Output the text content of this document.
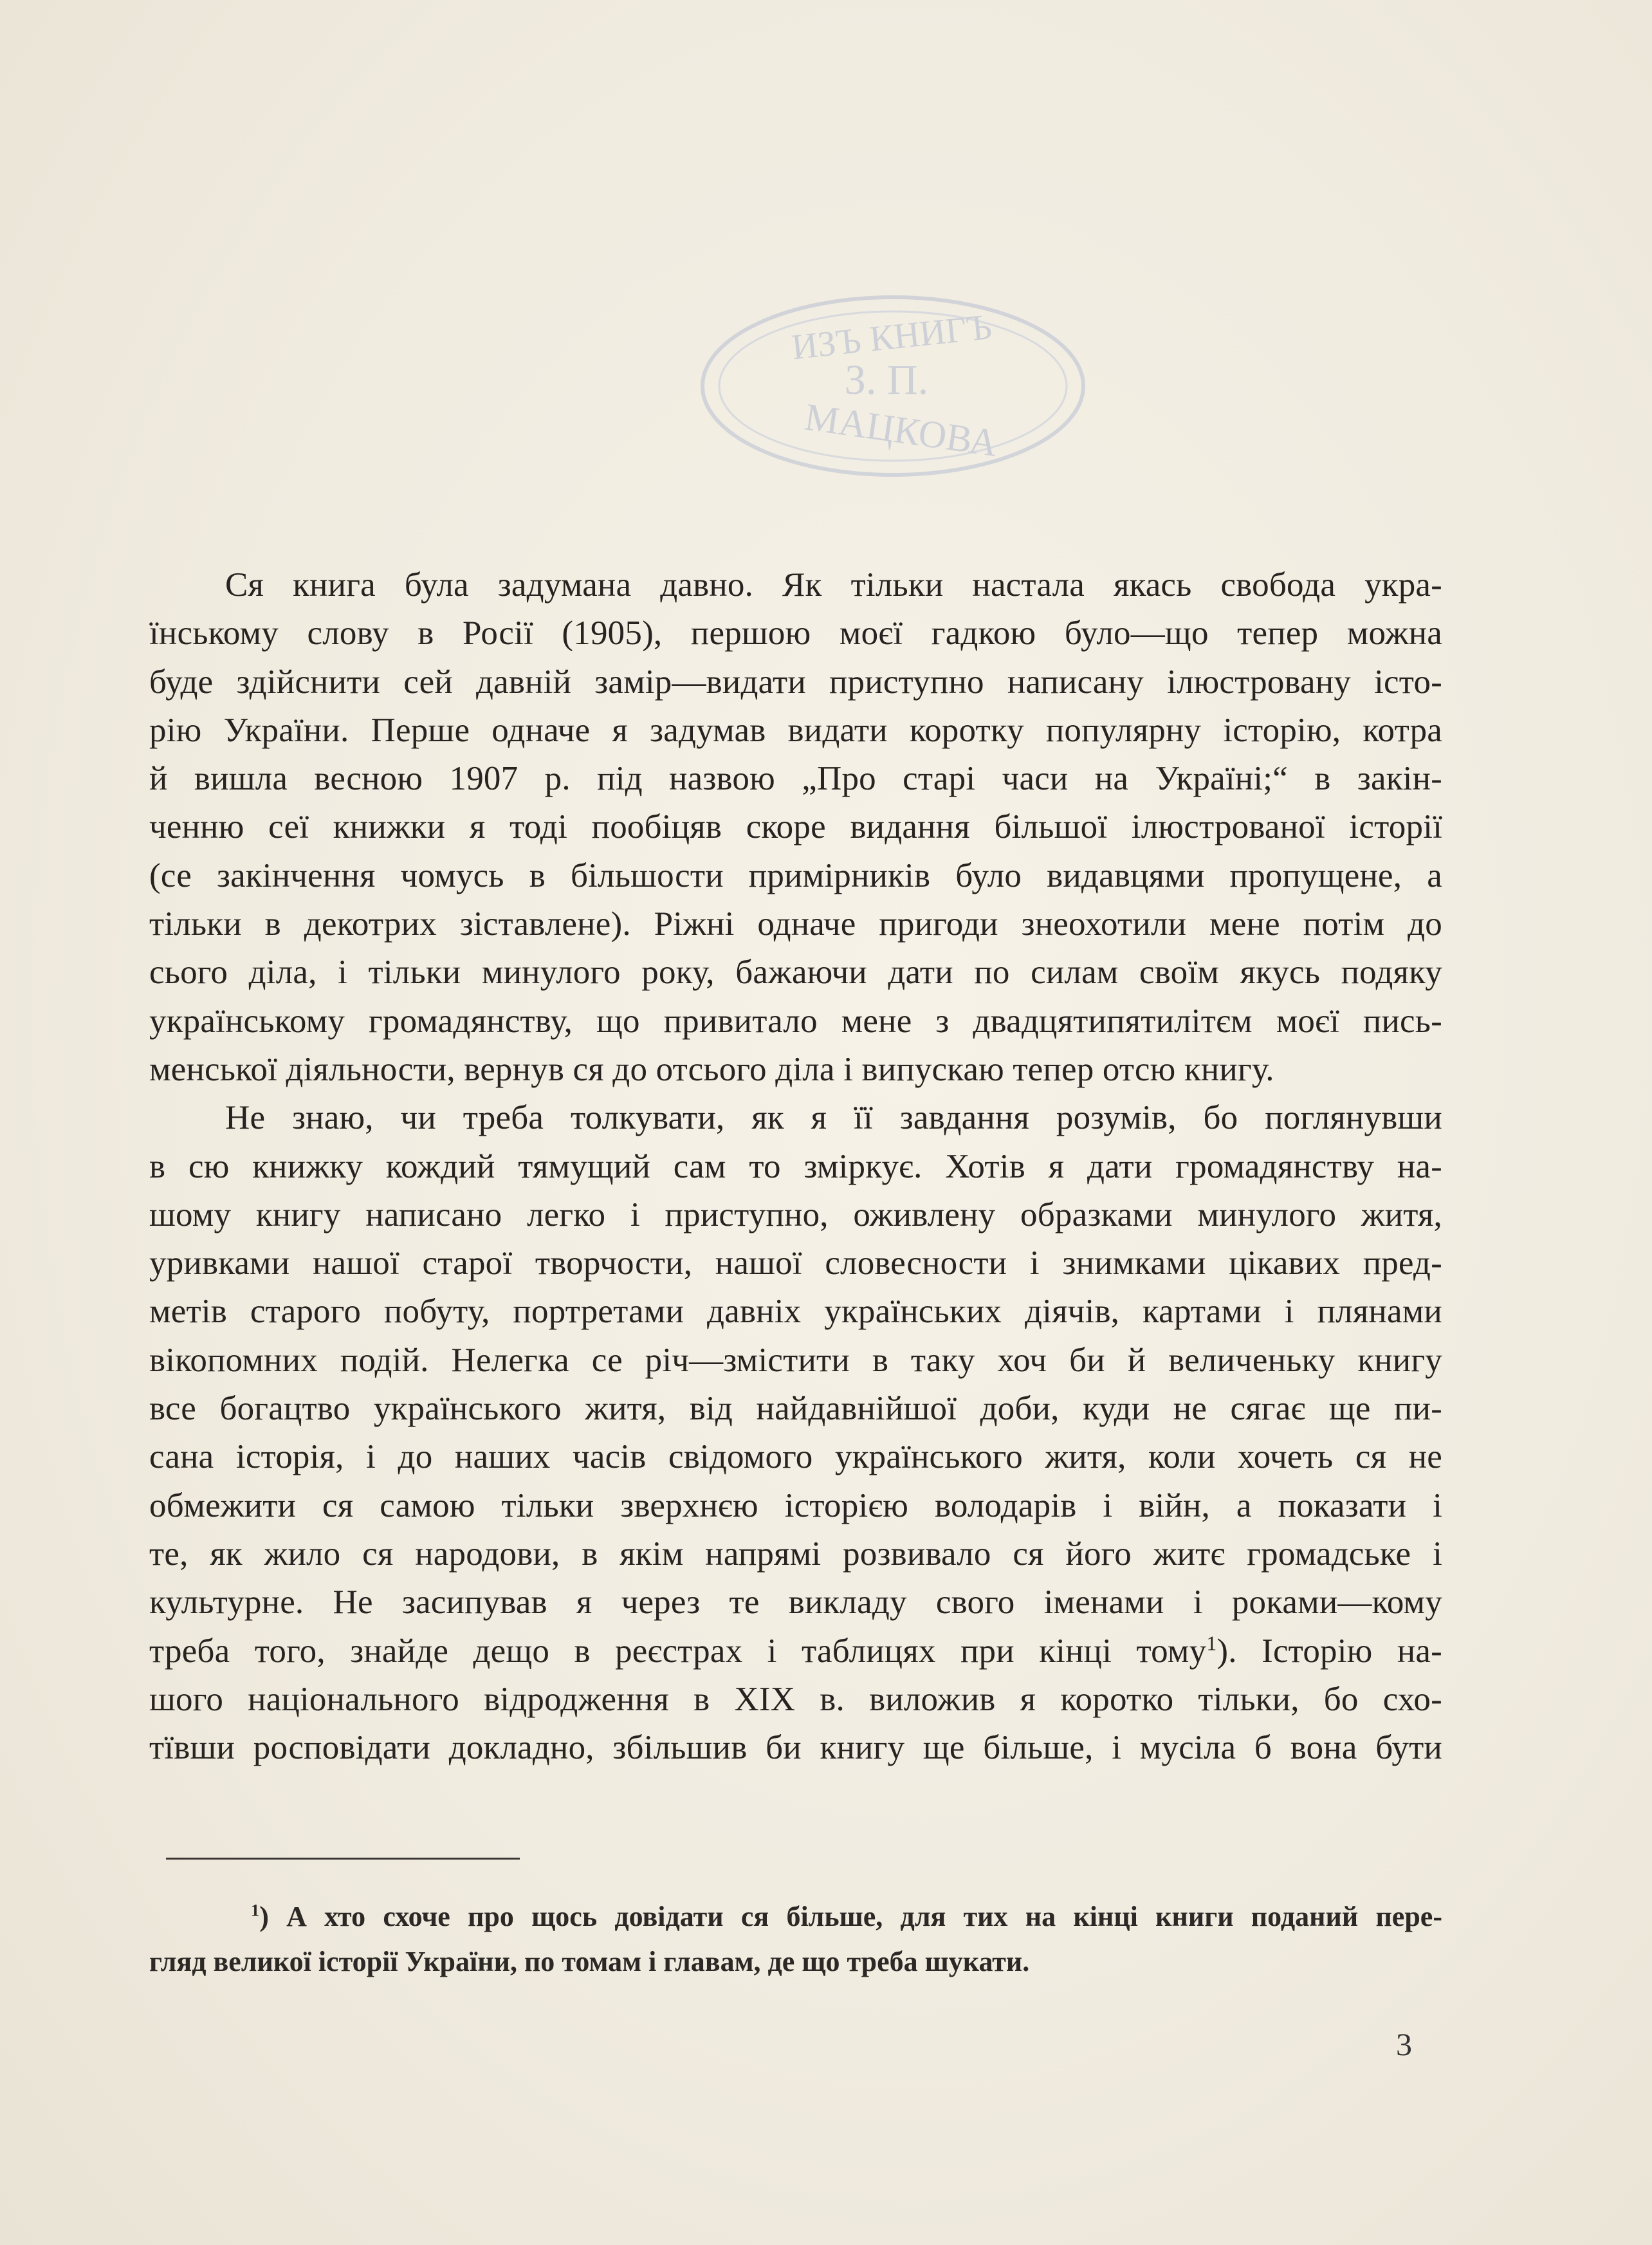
ИЗЪ КНИГЪ
З. П.
МАЦКОВА
Ся книга була задумана давно. Як тільки настала якась свобода укра-
їнському слову в Росії (1905), першою моєї гадкою було—що тепер можна
буде здійснити сей давній замір—видати приступно написану ілюстровану істо-
рію України. Перше одначе я задумав видати коротку популярну історію, котра
й вишла весною 1907 р. під назвою „Про старі часи на Україні;“ в закін-
ченню сеї книжки я тоді пообіцяв скоре видання більшої ілюстрованої історії
(се закінчення чомусь в більшости примірників було видавцями пропущене, а
тільки в декотрих зіставлене). Ріжні одначе пригоди знеохотили мене потім до
сього діла, і тільки минулого року, бажаючи дати по силам своїм якусь подяку
українському громадянству, що привитало мене з двадцятипятилітєм моєї пись-
менської діяльности, вернув ся до отсього діла і випускаю тепер отсю книгу.
Не знаю, чи треба толкувати, як я її завдання розумів, бо поглянувши
в сю книжку кождий тямущий сам то зміркує. Хотів я дати громадянству на-
шому книгу написано легко і приступно, оживлену образками минулого житя,
уривками нашої старої творчости, нашої словесности і знимками цікавих пред-
метів старого побуту, портретами давніх українських діячів, картами і плянами
вікопомних подій. Нелегка се річ—змістити в таку хоч би й величеньку книгу
все богацтво українського житя, від найдавнійшої доби, куди не сягає ще пи-
сана історія, і до наших часів свідомого українського житя, коли хочеть ся не
обмежити ся самою тільки зверхнєю історією володарів і війн, а показати і
те, як жило ся народови, в якім напрямі розвивало ся його житє громадське і
культурне. Не засипував я через те викладу свого іменами і роками—кому
треба того, знайде дещо в реєстрах і таблицях при кінці тому$^1$). Історію на-
шого національного відродження в XIX в. виложив я коротко тільки, бо схо-
тївши росповідати докладно, збільшив би книгу ще більше, і мусіла б вона бути
$^1$) А хто схоче про щось довідати ся більше, для тих на кінці книги поданий пере-
гляд великої історії України, по томам і главам, де що треба шукати.
3
